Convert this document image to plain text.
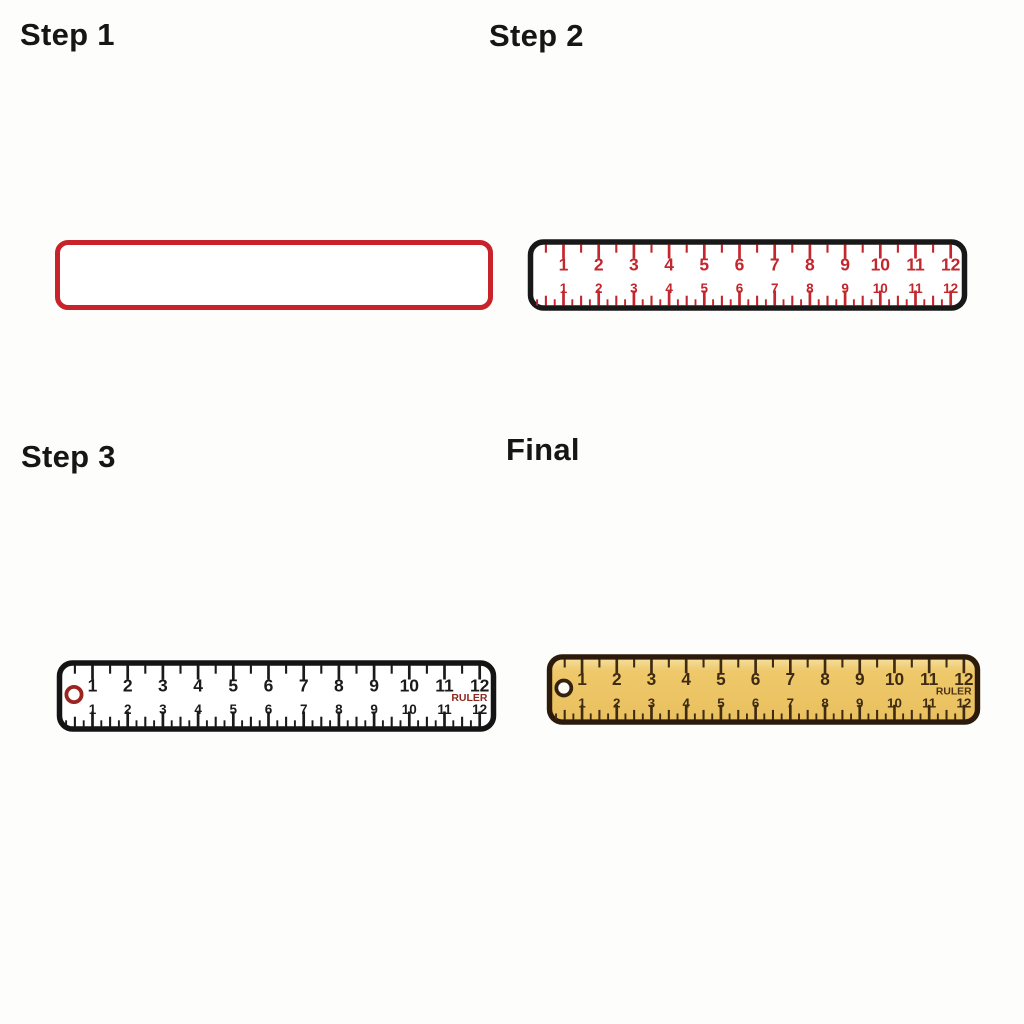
Step 1	Step 2
Step 3	Final
1 2 3 4 5 6 7 8 9 10 11 12
1 2 3 4 5 6 7 8 9 10 11 12
1 2 3 4 5 6 7 8 9 10 11 12
1 2 3 4 5 6 7 8 9 10 11 12
RULER
1 2 3 4 5 6 7 8 9 10 11 12
1 2 3 4 5 6 7 8 9 10 11 12
RULER
